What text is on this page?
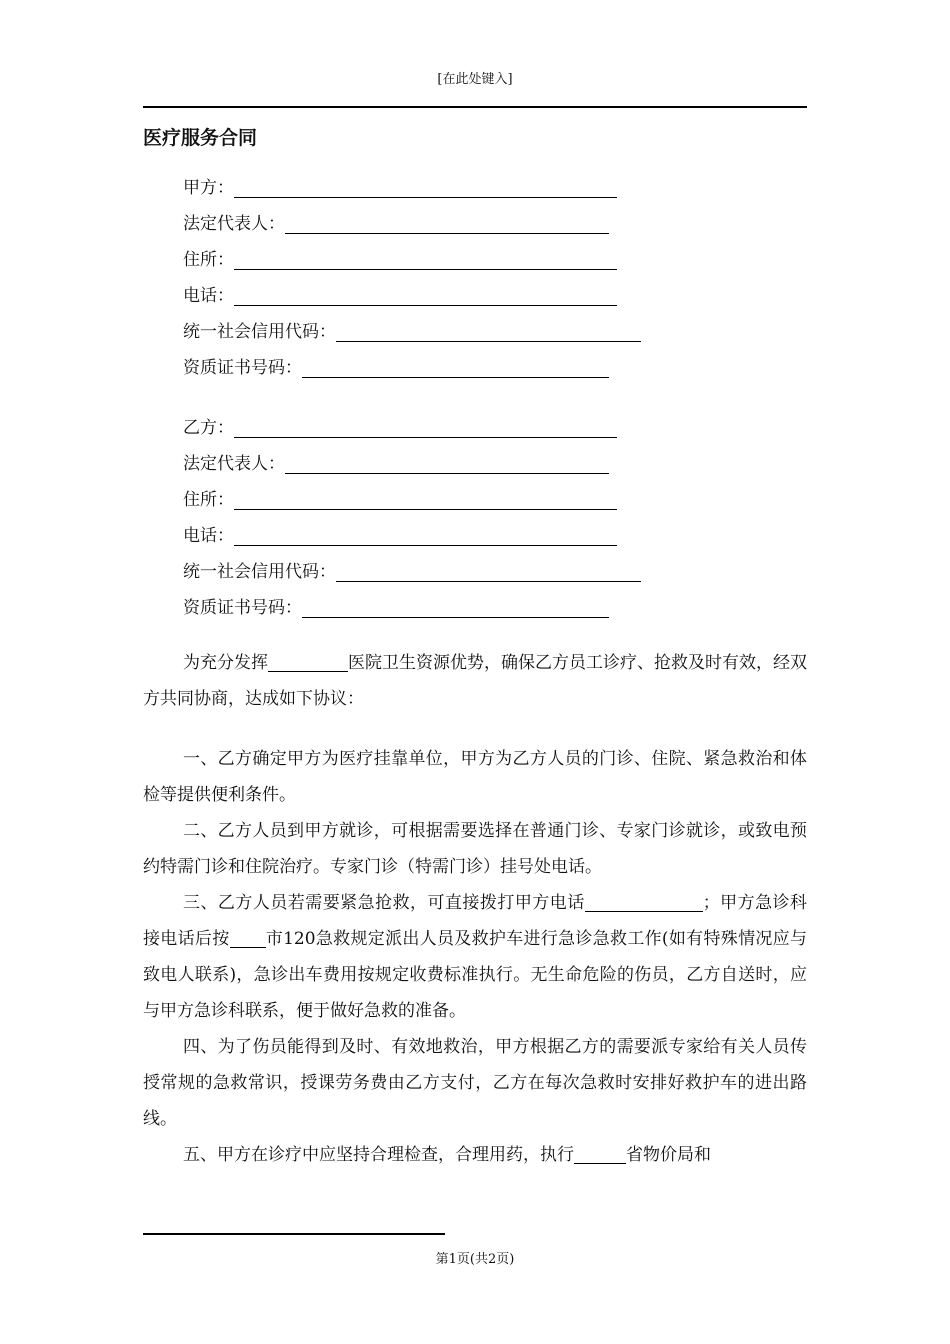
[在此处键入]
医疗服务合同
甲方：
法定代表人：
住所：
电话：
统一社会信用代码：
资质证书号码：
乙方：
法定代表人：
住所：
电话：
统一社会信用代码：
资质证书号码：

为充分发挥	医院卫生资源优势，确保乙方员工诊疗、抢救及时有效，经双方共同协商，达成如下协议：

一、乙方确定甲方为医疗挂靠单位，甲方为乙方人员的门诊、住院、紧急救治和体检等提供便利条件。

二、乙方人员到甲方就诊，可根据需要选择在普通门诊、专家门诊就诊，或致电预约特需门诊和住院治疗。专家门诊（特需门诊）挂号处电话。

三、乙方人员若需要紧急抢救，可直接拨打甲方电话	；甲方急诊科接电话后按 市120急救规定派出人员及救护车进行急诊急救工作(如有特殊情况应与致电人联系)，急诊出车费用按规定收费标准执行。无生命危险的伤员，乙方自送时，应与甲方急诊科联系，便于做好急救的准备。

四、为了伤员能得到及时、有效地救治，甲方根据乙方的需要派专家给有关人员传授常规的急救常识，授课劳务费由乙方支付，乙方在每次急救时安排好救护车的进出路线。

五、甲方在诊疗中应坚持合理检查，合理用药，执行	省物价局和

第1页(共2页)
